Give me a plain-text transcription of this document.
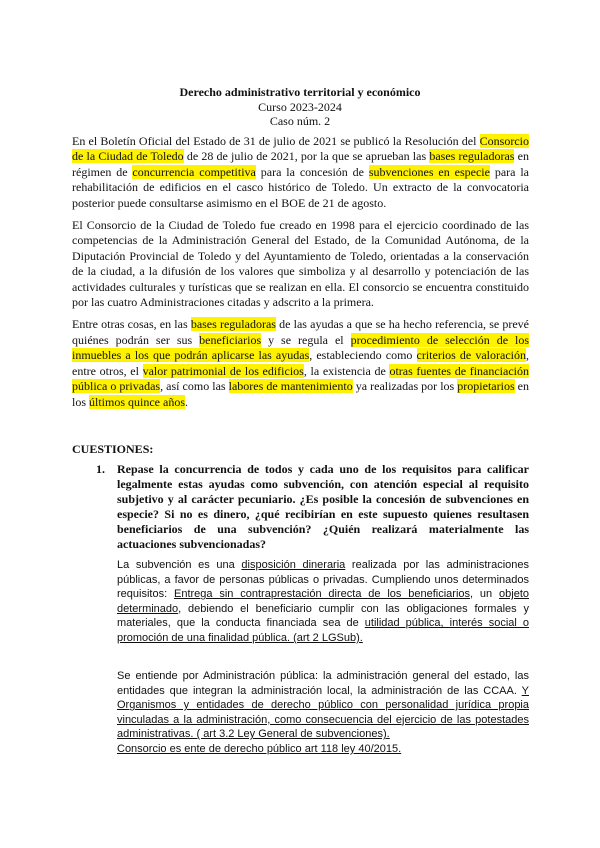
Derecho administrativo territorial y económico
Curso 2023-2024
Caso núm. 2

En el Boletín Oficial del Estado de 31 de julio de 2021 se publicó la Resolución del Consorcio de la Ciudad de Toledo de 28 de julio de 2021, por la que se aprueban las bases reguladoras en régimen de concurrencia competitiva para la concesión de subvenciones en especie para la rehabilitación de edificios en el casco histórico de Toledo. Un extracto de la convocatoria posterior puede consultarse asimismo en el BOE de 21 de agosto.

El Consorcio de la Ciudad de Toledo fue creado en 1998 para el ejercicio coordinado de las competencias de la Administración General del Estado, de la Comunidad Autónoma, de la Diputación Provincial de Toledo y del Ayuntamiento de Toledo, orientadas a la conservación de la ciudad, a la difusión de los valores que simboliza y al desarrollo y potenciación de las actividades culturales y turísticas que se realizan en ella. El consorcio se encuentra constituido por las cuatro Administraciones citadas y adscrito a la primera.

Entre otras cosas, en las bases reguladoras de las ayudas a que se ha hecho referencia, se prevé quiénes podrán ser sus beneficiarios y se regula el procedimiento de selección de los inmuebles a los que podrán aplicarse las ayudas, estableciendo como criterios de valoración, entre otros, el valor patrimonial de los edificios, la existencia de otras fuentes de financiación pública o privadas, así como las labores de mantenimiento ya realizadas por los propietarios en los últimos quince años.

CUESTIONES:
1. Repase la concurrencia de todos y cada uno de los requisitos para calificar legalmente estas ayudas como subvención, con atención especial al requisito subjetivo y al carácter pecuniario. ¿Es posible la concesión de subvenciones en especie? Si no es dinero, ¿qué recibirían en este supuesto quienes resultasen beneficiarios de una subvención? ¿Quién realizará materialmente las actuaciones subvencionadas?

La subvención es una disposición dineraria realizada por las administraciones públicas, a favor de personas públicas o privadas. Cumpliendo unos determinados requisitos: Entrega sin contraprestación directa de los beneficiarios, un objeto determinado, debiendo el beneficiario cumplir con las obligaciones formales y materiales, que la conducta financiada sea de utilidad pública, interés social o promoción de una finalidad pública. (art 2 LGSub).

Se entiende por Administración pública: la administración general del estado, las entidades que integran la administración local, la administración de las CCAA. Y Organismos y entidades de derecho público con personalidad jurídica propia vinculadas a la administración, como consecuencia del ejercicio de las potestades administrativas. ( art 3.2 Ley General de subvenciones).

Consorcio es ente de derecho público art 118 ley 40/2015.
